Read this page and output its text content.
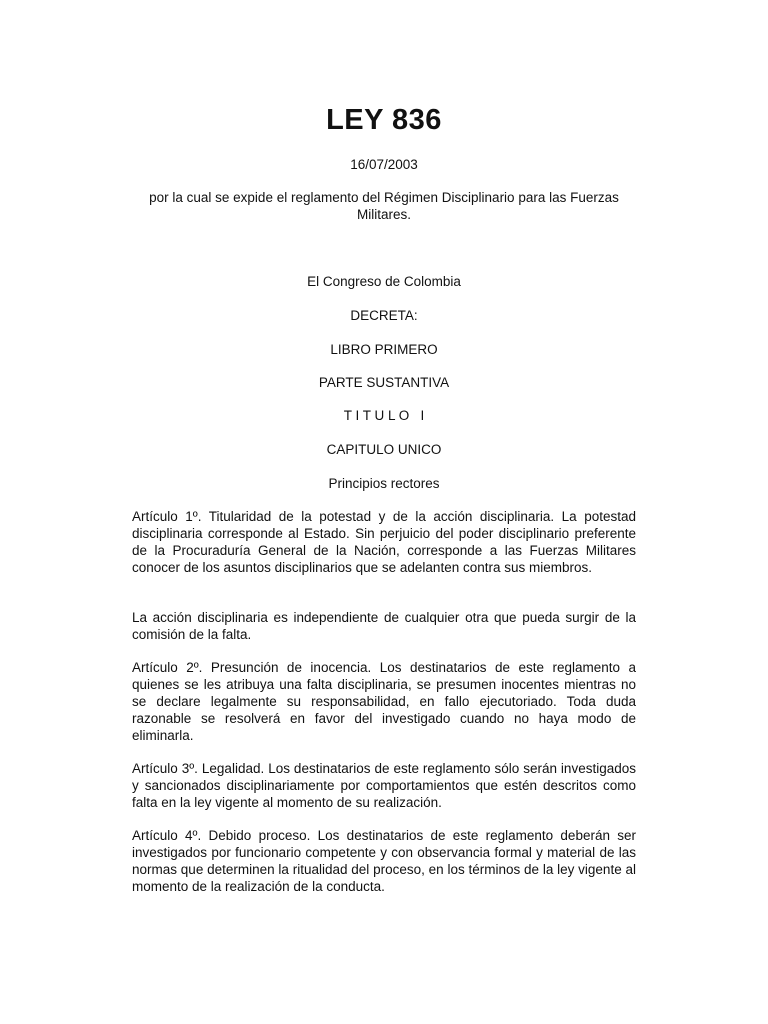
LEY 836
16/07/2003
por la cual se expide el reglamento del Régimen Disciplinario para las Fuerzas Militares.
El Congreso de Colombia
DECRETA:
LIBRO PRIMERO
PARTE SUSTANTIVA
T I T U L O   I
CAPITULO UNICO
Principios rectores
Artículo 1º. Titularidad de la potestad y de la acción disciplinaria. La potestad disciplinaria corresponde al Estado. Sin perjuicio del poder disciplinario preferente de la Procuraduría General de la Nación, corresponde a las Fuerzas Militares conocer de los asuntos disciplinarios que se adelanten contra sus miembros.
La acción disciplinaria es independiente de cualquier otra que pueda surgir de la comisión de la falta.
Artículo 2º. Presunción de inocencia. Los destinatarios de este reglamento a quienes se les atribuya una falta disciplinaria, se presumen inocentes mientras no se declare legalmente su responsabilidad, en fallo ejecutoriado. Toda duda razonable se resolverá en favor del investigado cuando no haya modo de eliminarla.
Artículo 3º. Legalidad. Los destinatarios de este reglamento sólo serán investigados y sancionados disciplinariamente por comportamientos que estén descritos como falta en la ley vigente al momento de su realización.
Artículo 4º. Debido proceso. Los destinatarios de este reglamento deberán ser investigados por funcionario competente y con observancia formal y material de las normas que determinen la ritualidad del proceso, en los términos de la ley vigente al momento de la realización de la conducta.
